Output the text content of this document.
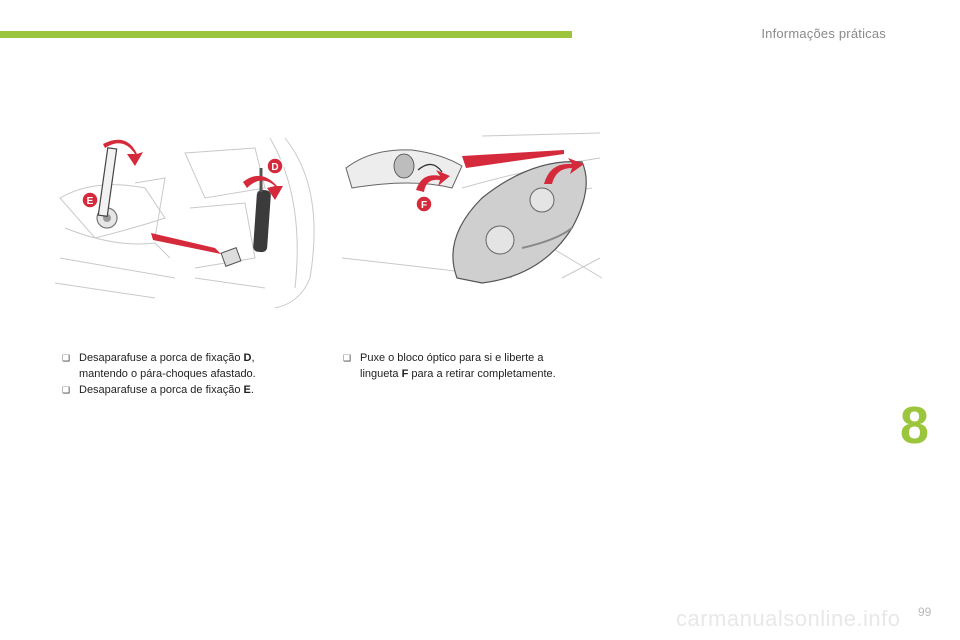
Informações práticas
E
D
F

❑ Desaparafuse a porca de fixação D,
mantendo o pára-choques afastado.

❑ Desaparafuse a porca de fixação E.

❑ Puxe o bloco óptico para si e liberte a
lingueta F para a retirar completamente.

8
carmanualsonline.info 99
